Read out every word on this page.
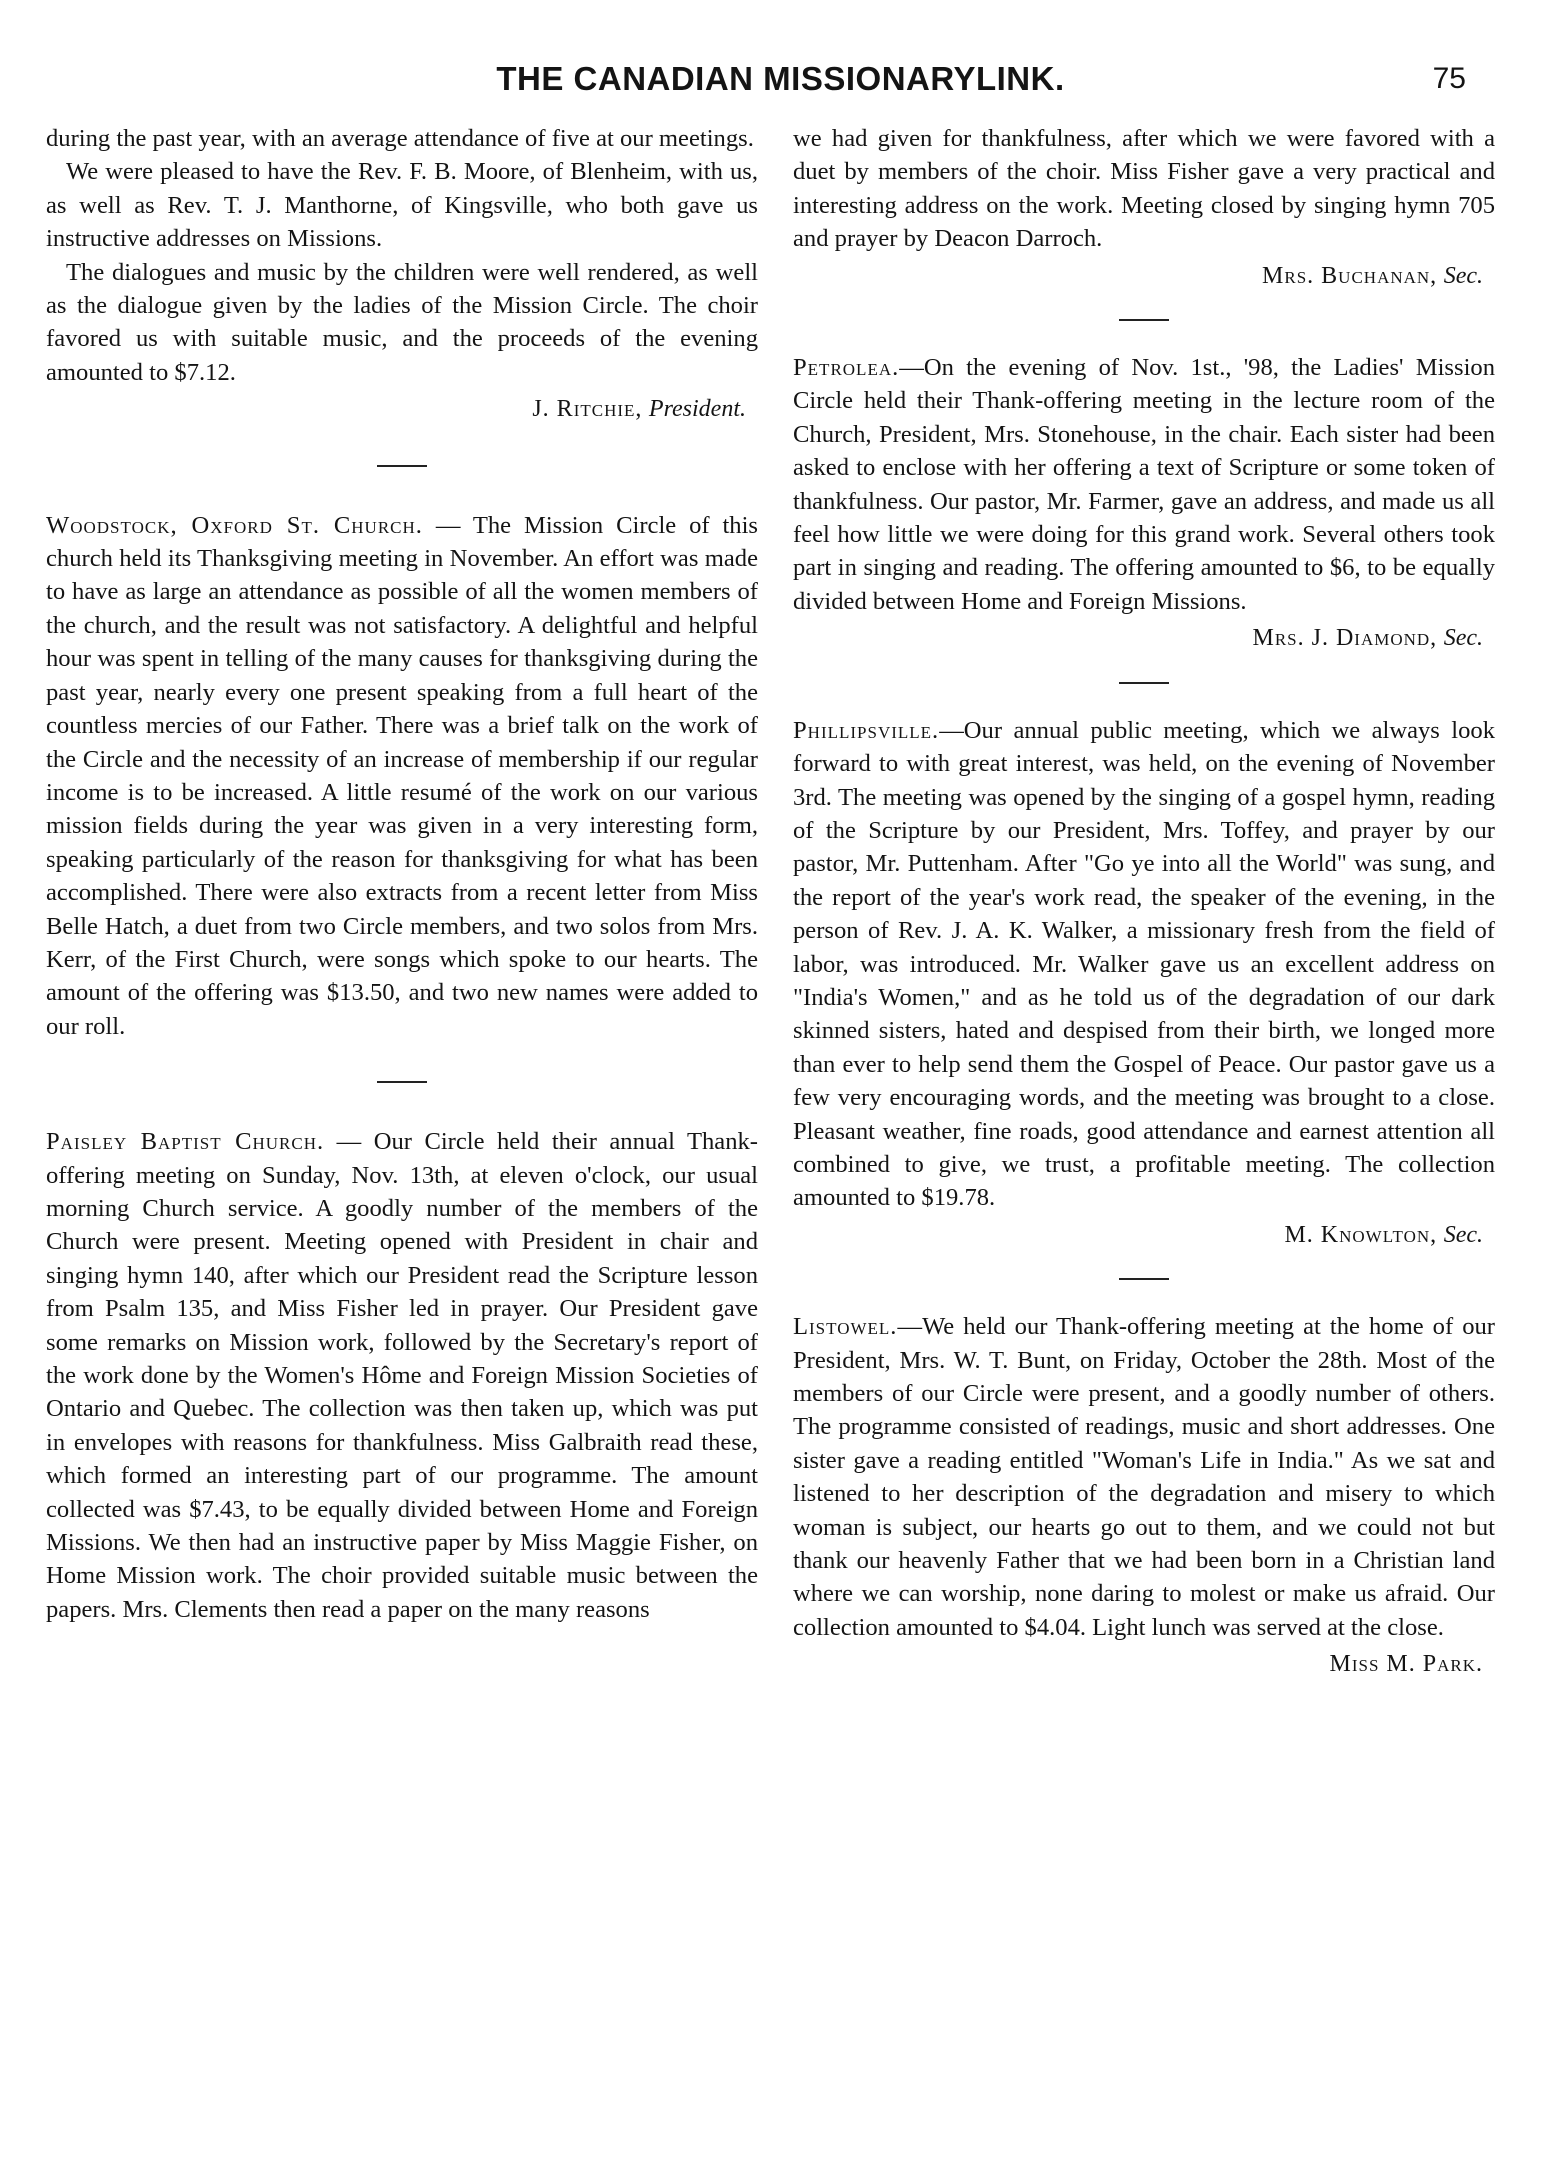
THE CANADIAN MISSIONARYLINK.	75

during the past year, with an average attendance of five at our meetings.

We were pleased to have the Rev. F. B. Moore, of Blenheim, with us, as well as Rev. T. J. Manthorne, of Kingsville, who both gave us instructive addresses on Missions.

The dialogues and music by the children were well rendered, as well as the dialogue given by the ladies of the Mission Circle. The choir favored us with suitable music, and the proceeds of the evening amounted to $7.12.

J. Ritchie, President.

Woodstock, Oxford St. Church. — The Mission Circle of this church held its Thanksgiving meeting in November. An effort was made to have as large an attendance as possible of all the women members of the church, and the result was not satisfactory. A delightful and helpful hour was spent in telling of the many causes for thanksgiving during the past year, nearly every one present speaking from a full heart of the countless mercies of our Father. There was a brief talk on the work of the Circle and the necessity of an increase of membership if our regular income is to be increased. A little resumé of the work on our various mission fields during the year was given in a very interesting form, speaking particularly of the reason for thanksgiving for what has been accomplished. There were also extracts from a recent letter from Miss Belle Hatch, a duet from two Circle members, and two solos from Mrs. Kerr, of the First Church, were songs which spoke to our hearts. The amount of the offering was $13.50, and two new names were added to our roll.

Paisley Baptist Church. — Our Circle held their annual Thank-offering meeting on Sunday, Nov. 13th, at eleven o'clock, our usual morning Church service. A goodly number of the members of the Church were present. Meeting opened with President in chair and singing hymn 140, after which our President read the Scripture lesson from Psalm 135, and Miss Fisher led in prayer. Our President gave some remarks on Mission work, followed by the Secretary's report of the work done by the Women's Hôme and Foreign Mission Societies of Ontario and Quebec. The collection was then taken up, which was put in envelopes with reasons for thankfulness. Miss Galbraith read these, which formed an interesting part of our programme. The amount collected was $7.43, to be equally divided between Home and Foreign Missions. We then had an instructive paper by Miss Maggie Fisher, on Home Mission work. The choir provided suitable music between the papers. Mrs. Clements then read a paper on the many reasons

we had given for thankfulness, after which we were favored with a duet by members of the choir. Miss Fisher gave a very practical and interesting address on the work. Meeting closed by singing hymn 705 and prayer by Deacon Darroch.

Mrs. Buchanan, Sec.

Petrolea.—On the evening of Nov. 1st., '98, the Ladies' Mission Circle held their Thank-offering meeting in the lecture room of the Church, President, Mrs. Stonehouse, in the chair. Each sister had been asked to enclose with her offering a text of Scripture or some token of thankfulness. Our pastor, Mr. Farmer, gave an address, and made us all feel how little we were doing for this grand work. Several others took part in singing and reading. The offering amounted to $6, to be equally divided between Home and Foreign Missions.

Mrs. J. Diamond, Sec.

Phillipsville.—Our annual public meeting, which we always look forward to with great interest, was held, on the evening of November 3rd. The meeting was opened by the singing of a gospel hymn, reading of the Scripture by our President, Mrs. Toffey, and prayer by our pastor, Mr. Puttenham. After "Go ye into all the World" was sung, and the report of the year's work read, the speaker of the evening, in the person of Rev. J. A. K. Walker, a missionary fresh from the field of labor, was introduced. Mr. Walker gave us an excellent address on "India's Women," and as he told us of the degradation of our dark skinned sisters, hated and despised from their birth, we longed more than ever to help send them the Gospel of Peace. Our pastor gave us a few very encouraging words, and the meeting was brought to a close. Pleasant weather, fine roads, good attendance and earnest attention all combined to give, we trust, a profitable meeting. The collection amounted to $19.78.

M. Knowlton, Sec.

Listowel.—We held our Thank-offering meeting at the home of our President, Mrs. W. T. Bunt, on Friday, October the 28th. Most of the members of our Circle were present, and a goodly number of others. The programme consisted of readings, music and short addresses. One sister gave a reading entitled "Woman's Life in India." As we sat and listened to her description of the degradation and misery to which woman is subject, our hearts go out to them, and we could not but thank our heavenly Father that we had been born in a Christian land where we can worship, none daring to molest or make us afraid. Our collection amounted to $4.04. Light lunch was served at the close.

Miss M. Park.
